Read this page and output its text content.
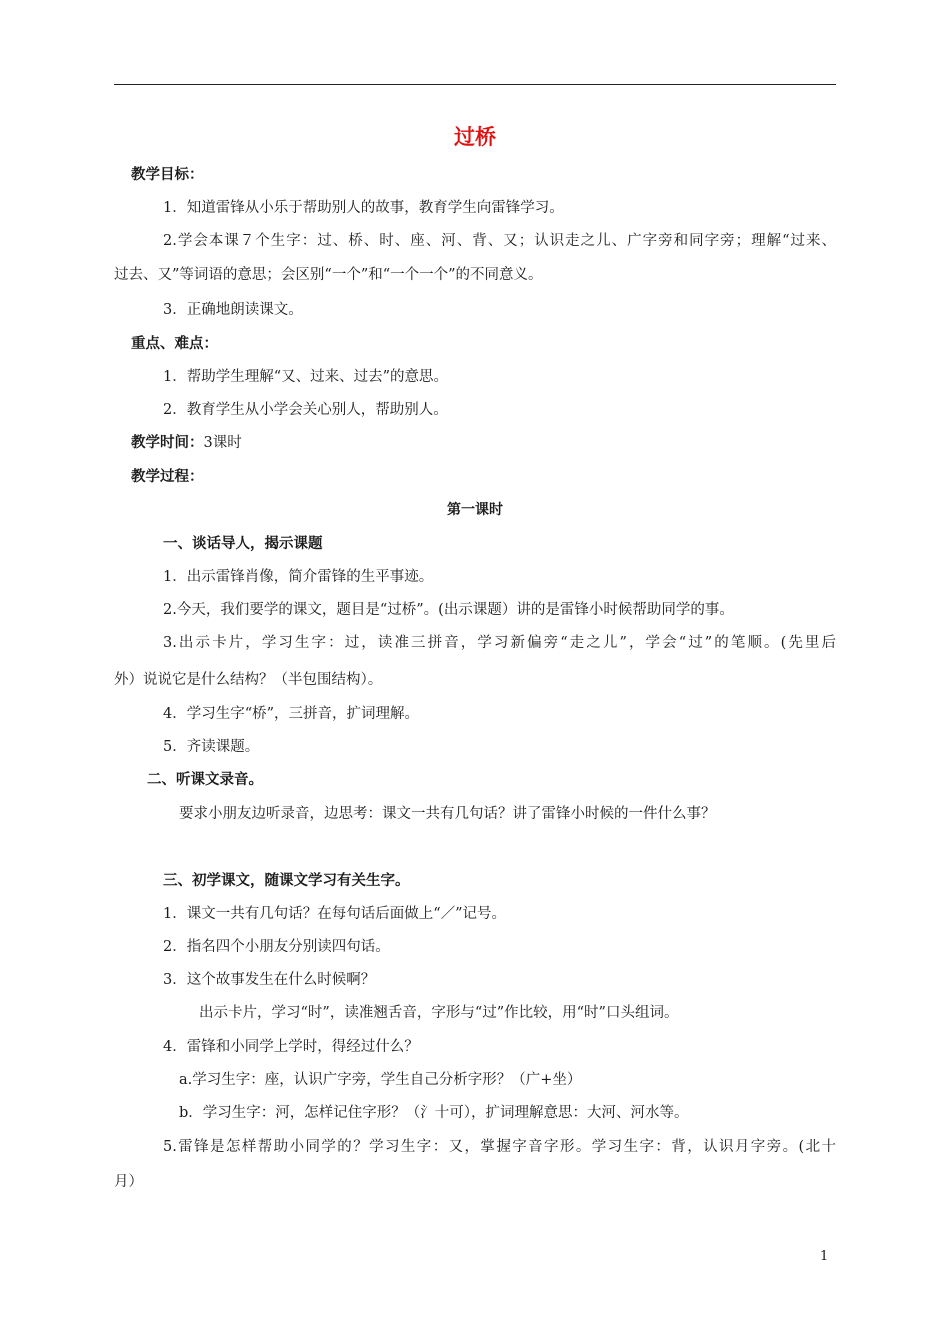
过桥
教学目标：
1．知道雷锋从小乐于帮助别人的故事，教育学生向雷锋学习。
2.学会本课７个生字：过、桥、时、座、河、背、又；认识走之儿、广字旁和同字旁；理解“过来、
过去、又”等词语的意思；会区别“一个”和“一个一个”的不同意义。
3．正确地朗读课文。
重点、难点：
1．帮助学生理解“又、过来、过去”的意思。
2．教育学生从小学会关心别人，帮助别人。
教学时间：3课时
教学过程：
第一课时
一、谈话导人，揭示课题
1．出示雷锋肖像，简介雷锋的生平事迹。
2.今天，我们要学的课文，题目是“过桥”。(出示课题）讲的是雷锋小时候帮助同学的事。
3.出示卡片，学习生字：过，读准三拼音，学习新偏旁“走之儿”，学会“过”的笔顺。(先里后
外）说说它是什么结构？（半包围结构）。
4．学习生字“桥”，三拼音，扩词理解。
5．齐读课题。
二、听课文录音。
要求小朋友边听录音，边思考：课文一共有几句话？讲了雷锋小时候的一件什么事？
三、初学课文，随课文学习有关生字。
1．课文一共有几句话？在每句话后面做上“／”记号。
2．指名四个小朋友分别读四句话。
3．这个故事发生在什么时候啊？
出示卡片，学习“时”，读准翘舌音，字形与“过”作比较，用“时”口头组词。
4．雷锋和小同学上学时，得经过什么？
a.学习生字：座，认识广字旁，学生自己分析字形？（广+坐）
b．学习生字：河，怎样记住字形？（氵十可），扩词理解意思：大河、河水等。
5.雷锋是怎样帮助小同学的？学习生字：又，掌握字音字形。学习生字：背，认识月字旁。(北十
月）
1
